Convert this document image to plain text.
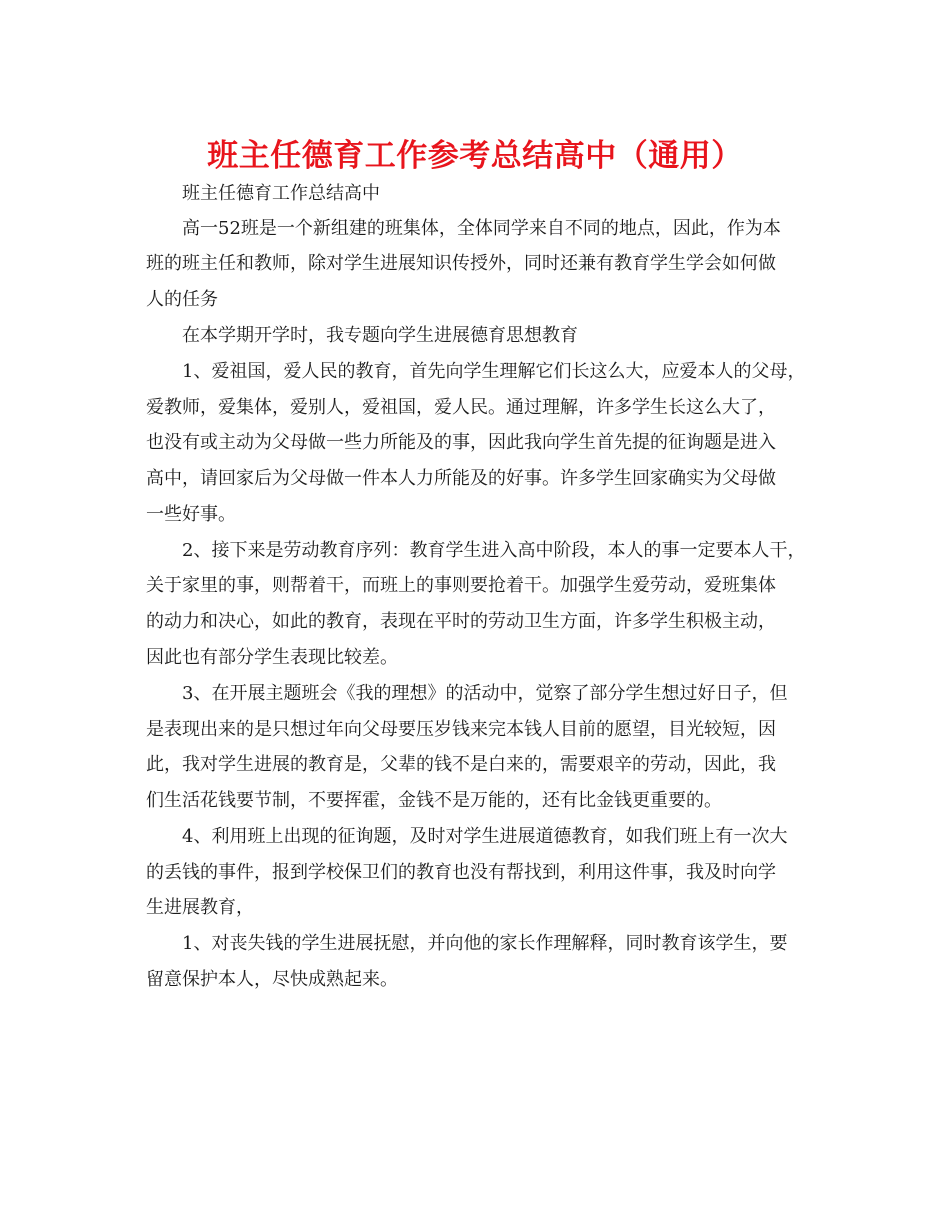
班主任德育工作参考总结高中（通用）

班主任德育工作总结高中

高一52班是一个新组建的班集体，全体同学来自不同的地点，因此，作为本

班的班主任和教师，除对学生进展知识传授外，同时还兼有教育学生学会如何做

人的任务

在本学期开学时，我专题向学生进展德育思想教育

1、爱祖国，爱人民的教育，首先向学生理解它们长这么大，应爱本人的父母，

爱教师，爱集体，爱别人，爱祖国，爱人民。通过理解，许多学生长这么大了，

也没有或主动为父母做一些力所能及的事，因此我向学生首先提的征询题是进入

高中，请回家后为父母做一件本人力所能及的好事。许多学生回家确实为父母做

一些好事。

2、接下来是劳动教育序列：教育学生进入高中阶段，本人的事一定要本人干，

关于家里的事，则帮着干，而班上的事则要抢着干。加强学生爱劳动，爱班集体

的动力和决心，如此的教育，表现在平时的劳动卫生方面，许多学生积极主动，

因此也有部分学生表现比较差。

3、在开展主题班会《我的理想》的活动中，觉察了部分学生想过好日子，但

是表现出来的是只想过年向父母要压岁钱来完本钱人目前的愿望，目光较短，因

此，我对学生进展的教育是，父辈的钱不是白来的，需要艰辛的劳动，因此，我

们生活花钱要节制，不要挥霍，金钱不是万能的，还有比金钱更重要的。

4、利用班上出现的征询题，及时对学生进展道德教育，如我们班上有一次大

的丢钱的事件，报到学校保卫们的教育也没有帮找到，利用这件事，我及时向学

生进展教育，

1、对丧失钱的学生进展抚慰，并向他的家长作理解释，同时教育该学生，要

留意保护本人，尽快成熟起来。
